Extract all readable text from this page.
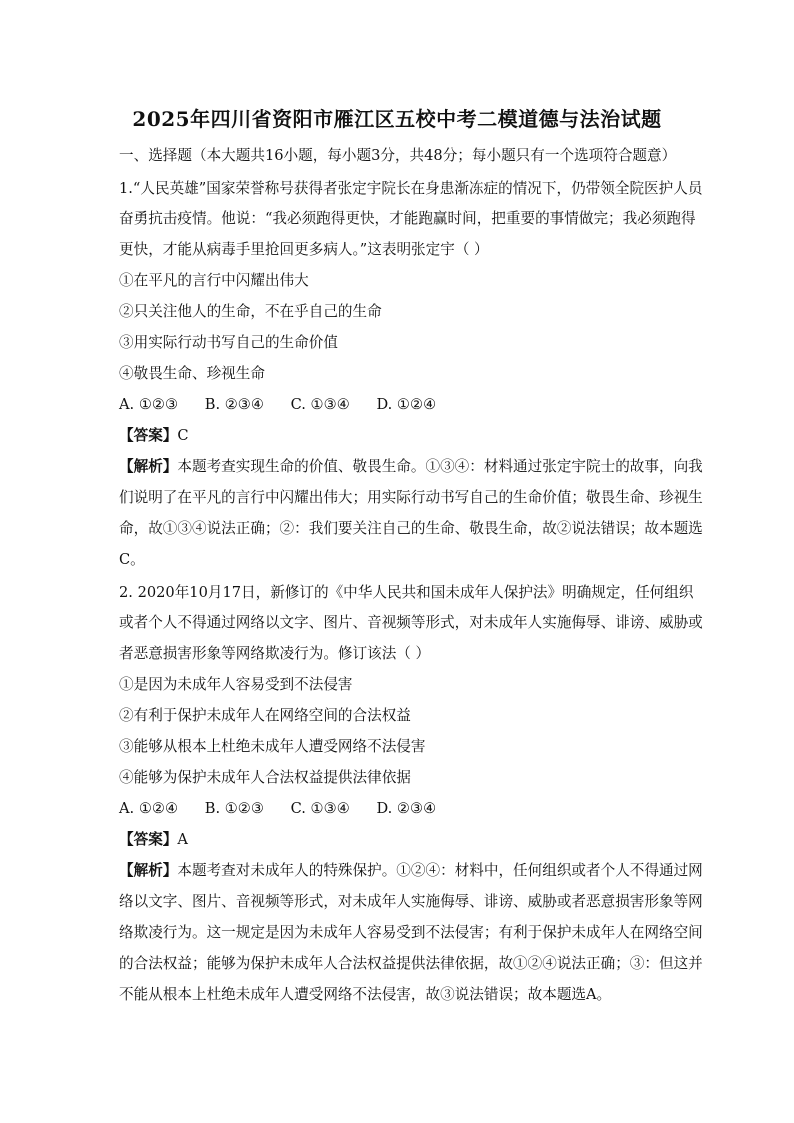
2025年四川省资阳市雁江区五校中考二模道德与法治试题
一、选择题（本大题共16小题，每小题3分，共48分；每小题只有一个选项符合题意）
1.“人民英雄”国家荣誉称号获得者张定宇院长在身患渐冻症的情况下，仍带领全院医护人员
奋勇抗击疫情。他说：“我必须跑得更快，才能跑赢时间，把重要的事情做完；我必须跑得
更快，才能从病毒手里抢回更多病人。”这表明张定宇（ ）
①在平凡的言行中闪耀出伟大
②只关注他人的生命，不在乎自己的生命
③用实际行动书写自己的生命价值
④敬畏生命、珍视生命
A. ①②③ B. ②③④ C. ①③④ D. ①②④
【答案】C
【解析】本题考查实现生命的价值、敬畏生命。①③④：材料通过张定宇院士的故事，向我
们说明了在平凡的言行中闪耀出伟大；用实际行动书写自己的生命价值；敬畏生命、珍视生
命，故①③④说法正确；②：我们要关注自己的生命、敬畏生命，故②说法错误；故本题选
C。
2. 2020年10月17日，新修订的《中华人民共和国未成年人保护法》明确规定，任何组织
或者个人不得通过网络以文字、图片、音视频等形式，对未成年人实施侮辱、诽谤、威胁或
者恶意损害形象等网络欺凌行为。修订该法（ ）
①是因为未成年人容易受到不法侵害
②有利于保护未成年人在网络空间的合法权益
③能够从根本上杜绝未成年人遭受网络不法侵害
④能够为保护未成年人合法权益提供法律依据
A. ①②④ B. ①②③ C. ①③④ D. ②③④
【答案】A
【解析】本题考查对未成年人的特殊保护。①②④：材料中，任何组织或者个人不得通过网
络以文字、图片、音视频等形式，对未成年人实施侮辱、诽谤、威胁或者恶意损害形象等网
络欺凌行为。这一规定是因为未成年人容易受到不法侵害；有利于保护未成年人在网络空间
的合法权益；能够为保护未成年人合法权益提供法律依据，故①②④说法正确；③：但这并
不能从根本上杜绝未成年人遭受网络不法侵害，故③说法错误；故本题选A。
